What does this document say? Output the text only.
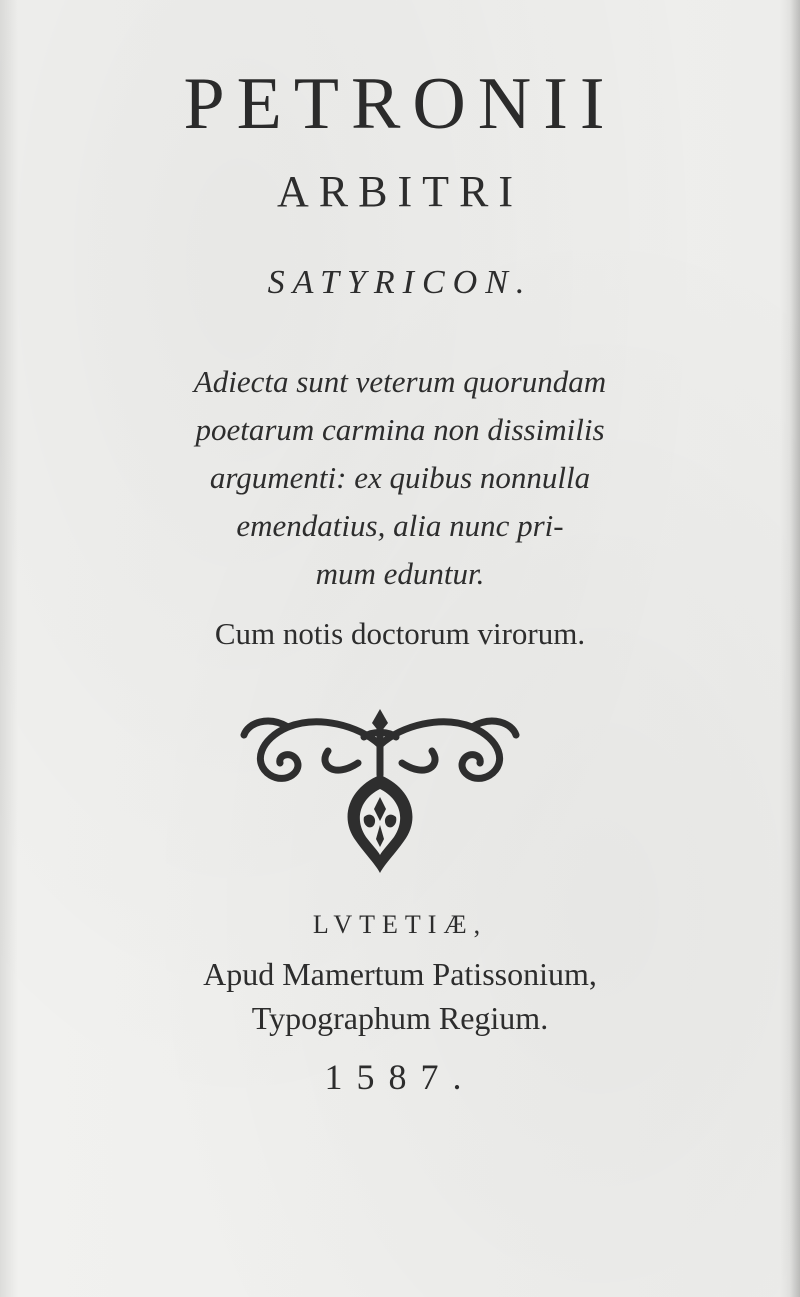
PETRONII
ARBITRI
SATYRICON.
Adiecta sunt veterum quorundam
poetarum carmina non dissimilis
argumenti: ex quibus nonnulla
emendatius, alia nunc pri-
mum eduntur.
Cum notis doctorum virorum.
LVTETIÆ,
Apud Mamertum Patissonium,
Typographum Regium.
1587.
